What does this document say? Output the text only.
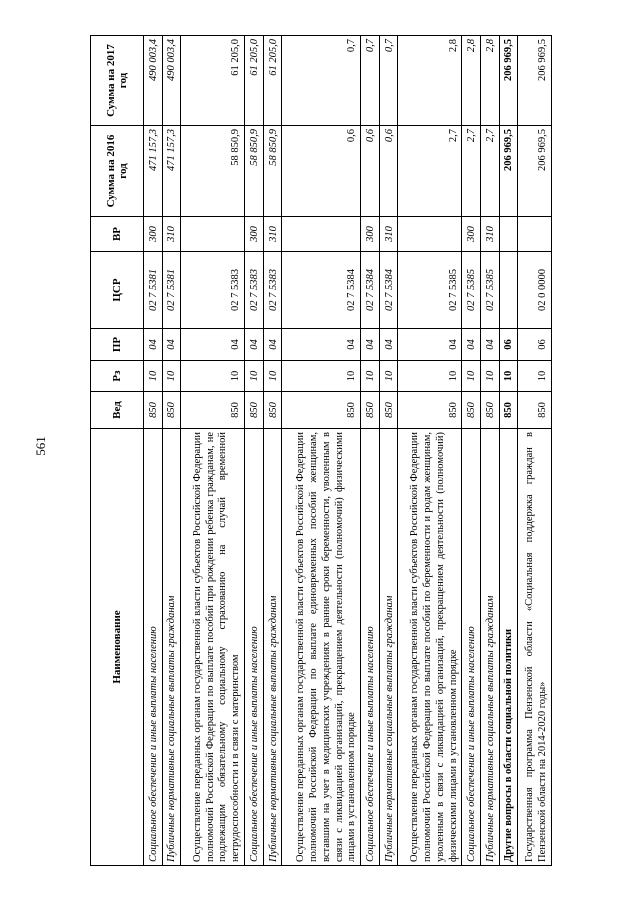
561
Наименование	Вед	Рз	ПР	ЦСР	ВР	Сумма на 2016 год	Сумма на 2017 год
Социальное обеспечение и иные выплаты населению	850	10	04	02 7 5381	300	471 157,3	490 003,4
Публичные нормативные социальные выплаты гражданам	850	10	04	02 7 5381	310	471 157,3	490 003,4
Осуществление переданных органам государственной власти субъектов Российской Федерации полномочий Российской Федерации по выплате пособий при рождении ребенка гражданам, не подлежащим обязательному социальному страхованию на случай временной нетрудоспособности и в связи с материнством	850	10	04	02 7 5383		58 850,9	61 205,0
Социальное обеспечение и иные выплаты населению	850	10	04	02 7 5383	300	58 850,9	61 205,0
Публичные нормативные социальные выплаты гражданам	850	10	04	02 7 5383	310	58 850,9	61 205,0
Осуществление переданных органам государственной власти субъектов Российской Федерации полномочий Российской Федерации по выплате единовременных пособий женщинам, вставшим на учет в медицинских учреждениях в ранние сроки беременности, уволенным в связи с ликвидацией организаций, прекращением деятельности (полномочий) физическими лицами в установленном порядке	850	10	04	02 7 5384		0,6	0,7
Социальное обеспечение и иные выплаты населению	850	10	04	02 7 5384	300	0,6	0,7
Публичные нормативные социальные выплаты гражданам	850	10	04	02 7 5384	310	0,6	0,7
Осуществление переданных органам государственной власти субъектов Российской Федерации полномочий Российской Федерации по выплате пособий по беременности и родам женщинам, уволенным в связи с ликвидацией организаций, прекращением деятельности (полномочий) физическими лицами в установленном порядке	850	10	04	02 7 5385		2,7	2,8
Социальное обеспечение и иные выплаты населению	850	10	04	02 7 5385	300	2,7	2,8
Публичные нормативные социальные выплаты гражданам	850	10	04	02 7 5385	310	2,7	2,8
Другие вопросы в области социальной политики	850	10	06			206 969,5	206 969,5
Государственная программа Пензенской области «Социальная поддержка граждан в Пензенской области на 2014-2020 годы»	850	10	06	02 0 0000		206 969,5	206 969,5
